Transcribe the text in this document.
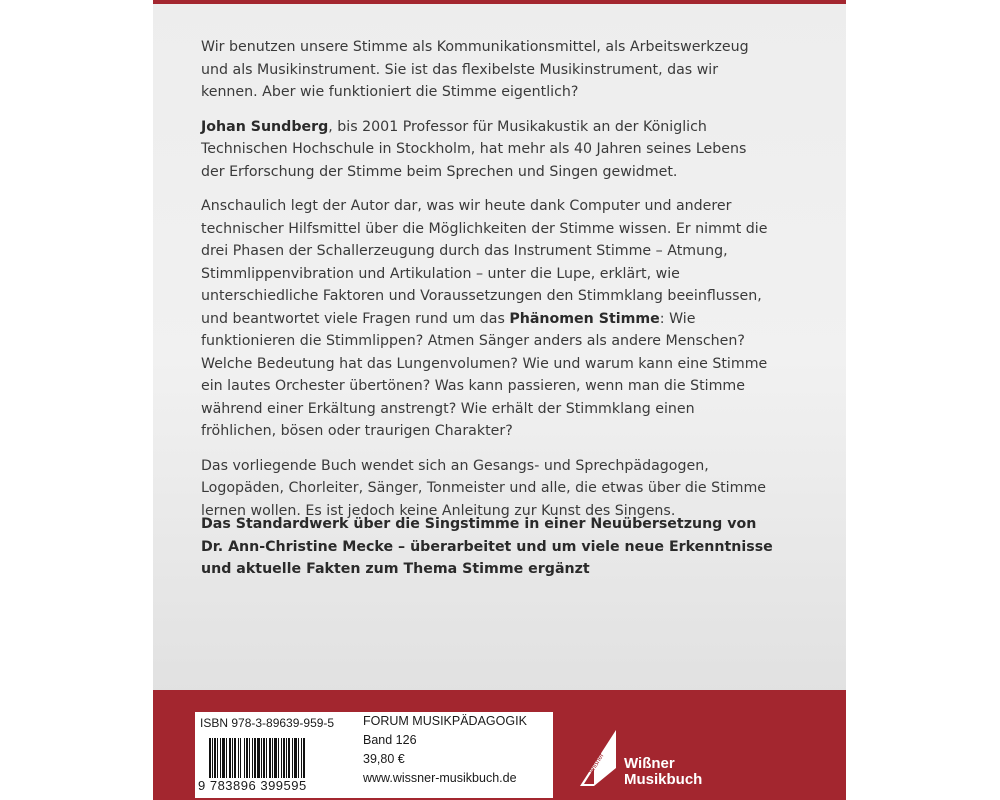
Wir benutzen unsere Stimme als Kommunikationsmittel, als Arbeitswerkzeug und als Musikinstrument. Sie ist das flexibelste Musikinstrument, das wir kennen. Aber wie funktioniert die Stimme eigentlich?

Johan Sundberg, bis 2001 Professor für Musikakustik an der Königlich Technischen Hochschule in Stockholm, hat mehr als 40 Jahren seines Lebens der Erforschung der Stimme beim Sprechen und Singen gewidmet.

Anschaulich legt der Autor dar, was wir heute dank Computer und anderer technischer Hilfsmittel über die Möglichkeiten der Stimme wissen. Er nimmt die drei Phasen der Schallerzeugung durch das Instrument Stimme – Atmung, Stimmlippenvibration und Artikulation – unter die Lupe, erklärt, wie unterschiedliche Faktoren und Voraussetzungen den Stimmklang beeinflussen, und beantwortet viele Fragen rund um das Phänomen Stimme: Wie funktionieren die Stimmlippen? Atmen Sänger anders als andere Menschen? Welche Bedeutung hat das Lungenvolumen? Wie und warum kann eine Stimme ein lautes Orchester übertönen? Was kann passieren, wenn man die Stimme während einer Erkältung anstrengt? Wie erhält der Stimmklang einen fröhlichen, bösen oder traurigen Charakter?

Das vorliegende Buch wendet sich an Gesangs- und Sprechpädagogen, Logopäden, Chorleiter, Sänger, Tonmeister und alle, die etwas über die Stimme lernen wollen. Es ist jedoch keine Anleitung zur Kunst des Singens.

Das Standardwerk über die Singstimme in einer Neuübersetzung von Dr. Ann-Christine Mecke – überarbeitet und um viele neue Erkenntnisse und aktuelle Fakten zum Thema Stimme ergänzt
ISBN 978-3-89639-959-5
9 783896 399595
FORUM MUSIKPÄDAGOGIK
Band 126
39,80 €
www.wissner-musikbuch.de
Wißner Wißner
Musikbuch
